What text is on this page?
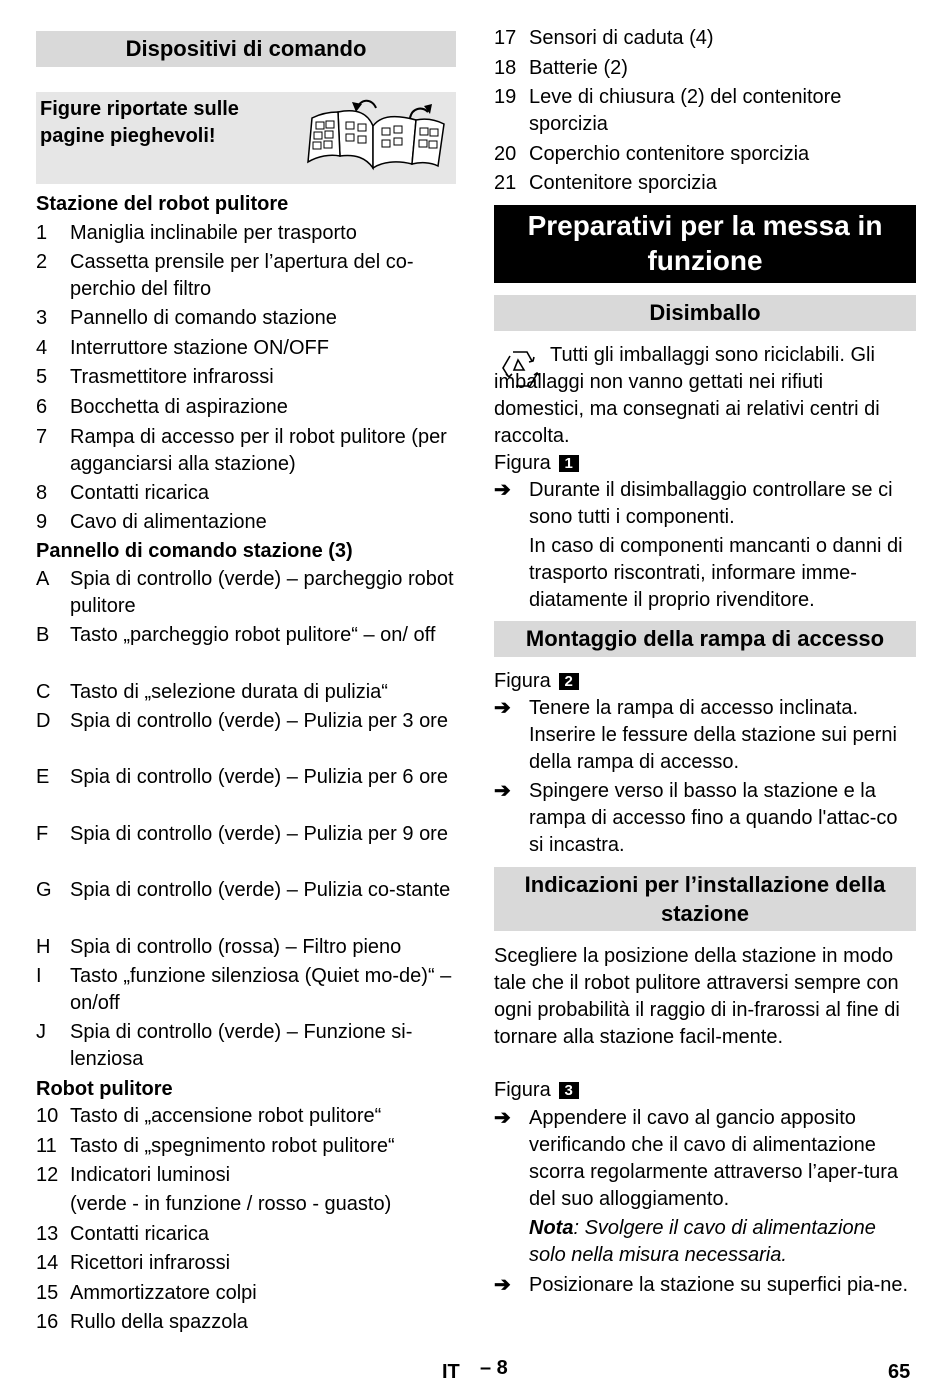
Dispositivi di comando
Figure riportate sulle pagine pieghevoli!
Stazione del robot pulitore
1 Maniglia inclinabile per trasporto
2 Cassetta prensile per l’apertura del co-perchio del filtro
3 Pannello di comando stazione
4 Interruttore stazione ON/OFF
5 Trasmettitore infrarossi
6 Bocchetta di aspirazione
7 Rampa di accesso per il robot pulitore (per agganciarsi alla stazione)
8 Contatti ricarica
9 Cavo di alimentazione
Pannello di comando stazione (3)
A Spia di controllo (verde) – parcheggio robot pulitore
B Tasto „parcheggio robot pulitore“ – on/ off
C Tasto di „selezione durata di pulizia“
D Spia di controllo (verde) – Pulizia per 3 ore
E Spia di controllo (verde) – Pulizia per 6 ore
F Spia di controllo (verde) – Pulizia per 9 ore
G Spia di controllo (verde) – Pulizia co-stante
H Spia di controllo (rossa) – Filtro pieno
I Tasto „funzione silenziosa (Quiet mo-de)“ – on/off
J Spia di controllo (verde) – Funzione si-lenziosa
Robot pulitore
10 Tasto di „accensione robot pulitore“
11 Tasto di „spegnimento robot pulitore“
12 Indicatori luminosi
(verde - in funzione / rosso - guasto)
13 Contatti ricarica
14 Ricettori infrarossi
15 Ammortizzatore colpi
16 Rullo della spazzola
17 Sensori di caduta (4)
18 Batterie (2)
19 Leve di chiusura (2) del contenitore sporcizia
20 Coperchio contenitore sporcizia
21 Contenitore sporcizia
Preparativi per la messa in funzione
Disimballo
Tutti gli imballaggi sono riciclabili. Gli imballaggi non vanno gettati nei rifiuti domestici, ma consegnati ai relativi centri di raccolta.
Figura 1
➔ Durante il disimballaggio controllare se ci sono tutti i componenti.
In caso di componenti mancanti o danni di trasporto riscontrati, informare imme-diatamente il proprio rivenditore.
Montaggio della rampa di accesso
Figura 2
➔ Tenere la rampa di accesso inclinata. Inserire le fessure della stazione sui perni della rampa di accesso.
➔ Spingere verso il basso la stazione e la rampa di accesso fino a quando l'attac-co si incastra.
Indicazioni per l’installazione della stazione
Scegliere la posizione della stazione in modo tale che il robot pulitore attraversi sempre con ogni probabilità il raggio di in-frarossi al fine di tornare alla stazione facil-mente.
Figura 3
➔ Appendere il cavo al gancio apposito verificando che il cavo di alimentazione scorra regolarmente attraverso l’aper-tura del suo alloggiamento.
Nota: Svolgere il cavo di alimentazione solo nella misura necessaria.
➔ Posizionare la stazione su superfici pia-ne.
IT – 8	65
